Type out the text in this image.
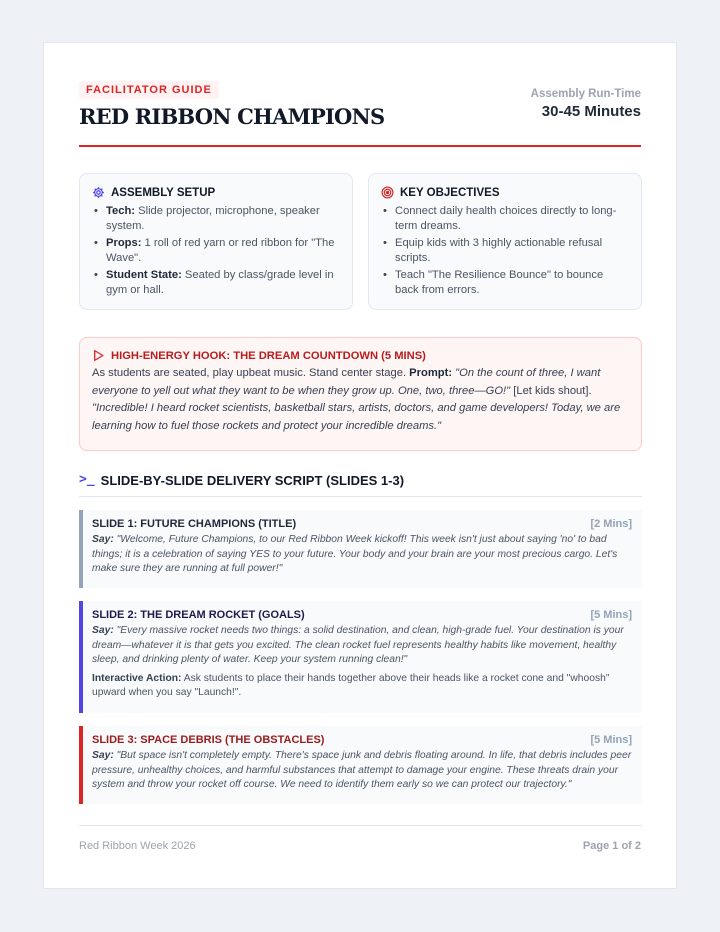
FACILITATOR GUIDE
RED RIBBON CHAMPIONS
Assembly Run-Time
30-45 Minutes
ASSEMBLY SETUP
• Tech: Slide projector, microphone, speaker system.
• Props: 1 roll of red yarn or red ribbon for "The Wave".
• Student State: Seated by class/grade level in gym or hall.
KEY OBJECTIVES
• Connect daily health choices directly to long-term dreams.
• Equip kids with 3 highly actionable refusal scripts.
• Teach "The Resilience Bounce" to bounce back from errors.
HIGH-ENERGY HOOK: THE DREAM COUNTDOWN (5 MINS)

As students are seated, play upbeat music. Stand center stage. Prompt: "On the count of three, I want everyone to yell out what they want to be when they grow up. One, two, three—GO!" [Let kids shout]. "Incredible! I heard rocket scientists, basketball stars, artists, doctors, and game developers! Today, we are learning how to fuel those rockets and protect your incredible dreams."

>_ SLIDE-BY-SLIDE DELIVERY SCRIPT (SLIDES 1-3)
SLIDE 1: FUTURE CHAMPIONS (TITLE)	[2 Mins]

Say: "Welcome, Future Champions, to our Red Ribbon Week kickoff! This week isn't just about saying 'no' to bad things; it is a celebration of saying YES to your future. Your body and your brain are your most precious cargo. Let's make sure they are running at full power!"

SLIDE 2: THE DREAM ROCKET (GOALS)	[5 Mins]

Say: "Every massive rocket needs two things: a solid destination, and clean, high-grade fuel. Your destination is your dream—whatever it is that gets you excited. The clean rocket fuel represents healthy habits like movement, healthy sleep, and drinking plenty of water. Keep your system running clean!"

Interactive Action: Ask students to place their hands together above their heads like a rocket cone and "whoosh" upward when you say "Launch!".

SLIDE 3: SPACE DEBRIS (THE OBSTACLES)	[5 Mins]

Say: "But space isn't completely empty. There's space junk and debris floating around. In life, that debris includes peer pressure, unhealthy choices, and harmful substances that attempt to damage your engine. These threats drain your system and throw your rocket off course. We need to identify them early so we can protect our trajectory."

Red Ribbon Week 2026	Page 1 of 2
